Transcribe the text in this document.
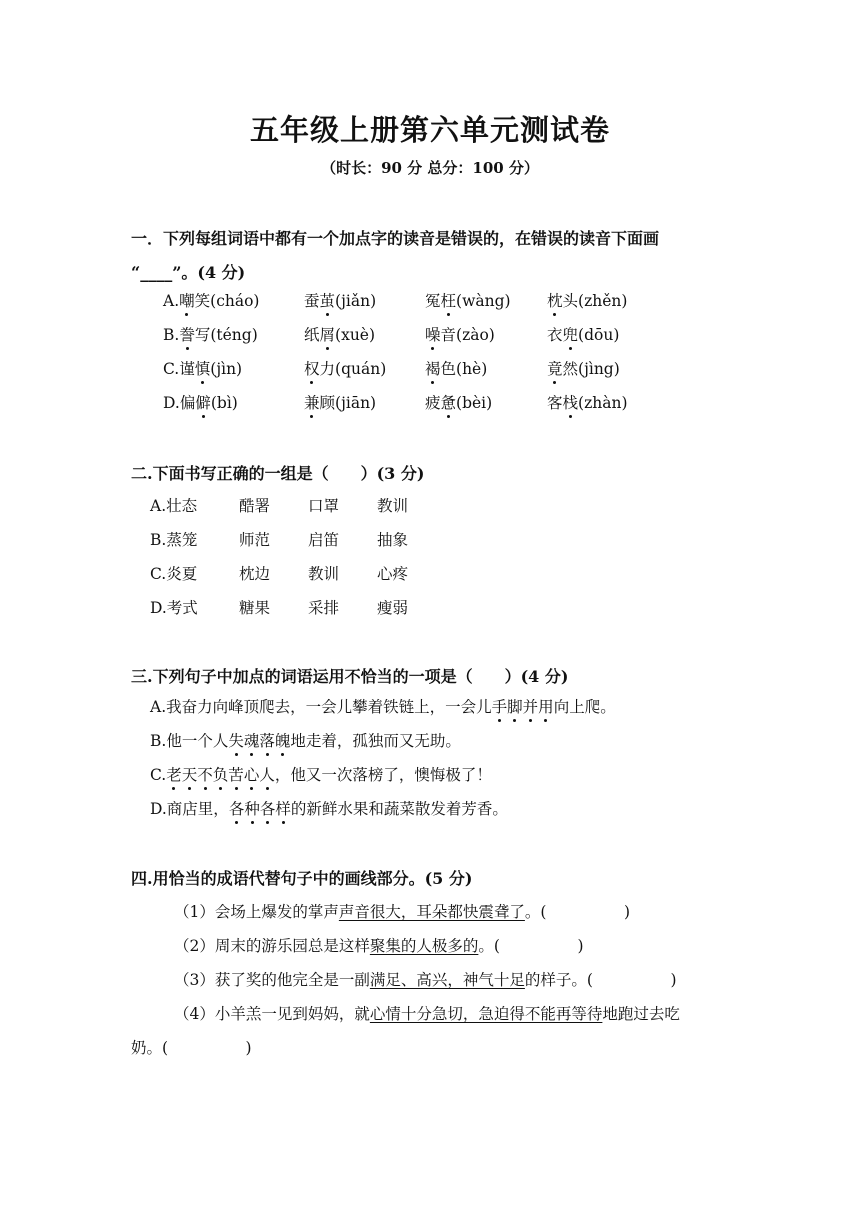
五年级上册第六单元测试卷
（时长：90 分 总分：100 分）
一．下列每组词语中都有一个加点字的读音是错误的，在错误的读音下面画
“____”。(4 分)
A.嘲笑(cháo)	蚕茧(jiǎn)	冤枉(wàng) 枕头(zhěn)
B.誊写(téng)	纸屑(xuè)	噪音(zào)	衣兜(dōu)
C.谨慎(jìn)	权力(quán)	褐色(hè)	竟然(jìng)
D.偏僻(bì)	兼顾(jiān)	疲惫(bèi)	客栈(zhàn)
二.下面书写正确的一组是（　　）(3 分)
A.壮态	酷署 口罩 教训
B.蒸笼	师范 启笛 抽象
C.炎夏	枕边 教训 心疼
D.考式	糖果 采排 瘦弱
三.下列句子中加点的词语运用不恰当的一项是（　　）(4 分)
A.我奋力向峰顶爬去，一会儿攀着铁链上，一会儿手脚并用向上爬。
B.他一个人失魂落魄地走着，孤独而又无助。
C.老天不负苦心人，他又一次落榜了，懊悔极了！
D.商店里，各种各样的新鲜水果和蔬菜散发着芳香。
四.用恰当的成语代替句子中的画线部分。(5 分)
（1）会场上爆发的掌声声音很大，耳朵都快震聋了。(　　　　　)
（2）周末的游乐园总是这样聚集的人极多的。(　　　　　)
（3）获了奖的他完全是一副满足、高兴，神气十足的样子。(　　　　　)
（4）小羊羔一见到妈妈，就心情十分急切，急迫得不能再等待地跑过去吃
奶。(　　　　　)
